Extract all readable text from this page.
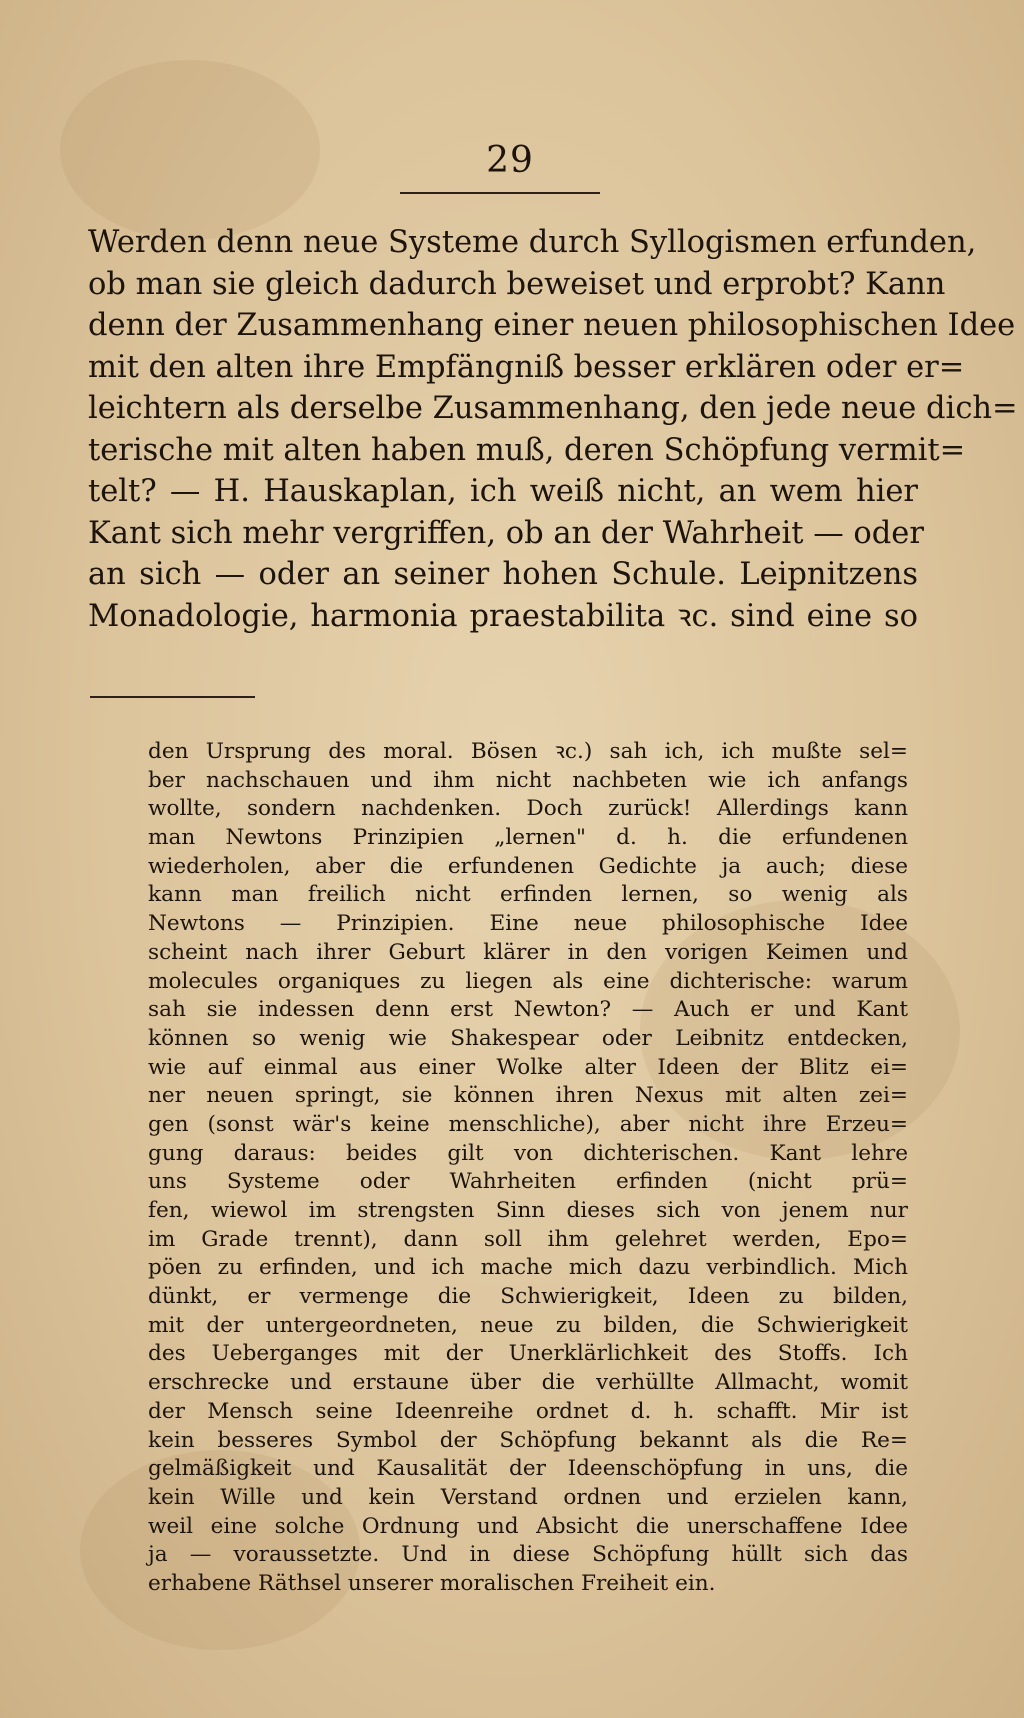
29
Werden denn neue Systeme durch Syllogismen erfunden,
ob man sie gleich dadurch beweiset und erprobt? Kann
denn der Zusammenhang einer neuen philosophischen Idee
mit den alten ihre Empfängniß besser erklären oder er=
leichtern als derselbe Zusammenhang, den jede neue dich=
terische mit alten haben muß, deren Schöpfung vermit=
telt? — H. Hauskaplan, ich weiß nicht, an wem hier
Kant sich mehr vergriffen, ob an der Wahrheit — oder
an sich — oder an seiner hohen Schule. Leipnitzens
Monadologie, harmonia praestabilita ꝛc. sind eine so
den Ursprung des moral. Bösen ꝛc.) sah ich, ich mußte sel=
ber nachschauen und ihm nicht nachbeten wie ich anfangs
wollte, sondern nachdenken. Doch zurück! Allerdings kann
man Newtons Prinzipien „lernen" d. h. die erfundenen
wiederholen, aber die erfundenen Gedichte ja auch; diese
kann man freilich nicht erfinden lernen, so wenig als
Newtons — Prinzipien. Eine neue philosophische Idee
scheint nach ihrer Geburt klärer in den vorigen Keimen und
molecules organiques zu liegen als eine dichterische: warum
sah sie indessen denn erst Newton? — Auch er und Kant
können so wenig wie Shakespear oder Leibnitz entdecken,
wie auf einmal aus einer Wolke alter Ideen der Blitz ei=
ner neuen springt, sie können ihren Nexus mit alten zei=
gen (sonst wär's keine menschliche), aber nicht ihre Erzeu=
gung daraus: beides gilt von dichterischen. Kant lehre
uns Systeme oder Wahrheiten erfinden (nicht prü=
fen, wiewol im strengsten Sinn dieses sich von jenem nur
im Grade trennt), dann soll ihm gelehret werden, Epo=
pöen zu erfinden, und ich mache mich dazu verbindlich. Mich
dünkt, er vermenge die Schwierigkeit, Ideen zu bilden,
mit der untergeordneten, neue zu bilden, die Schwierigkeit
des Ueberganges mit der Unerklärlichkeit des Stoffs. Ich
erschrecke und erstaune über die verhüllte Allmacht, womit
der Mensch seine Ideenreihe ordnet d. h. schafft. Mir ist
kein besseres Symbol der Schöpfung bekannt als die Re=
gelmäßigkeit und Kausalität der Ideenschöpfung in uns, die
kein Wille und kein Verstand ordnen und erzielen kann,
weil eine solche Ordnung und Absicht die unerschaffene Idee
ja — voraussetzte. Und in diese Schöpfung hüllt sich das
erhabene Räthsel unserer moralischen Freiheit ein.
